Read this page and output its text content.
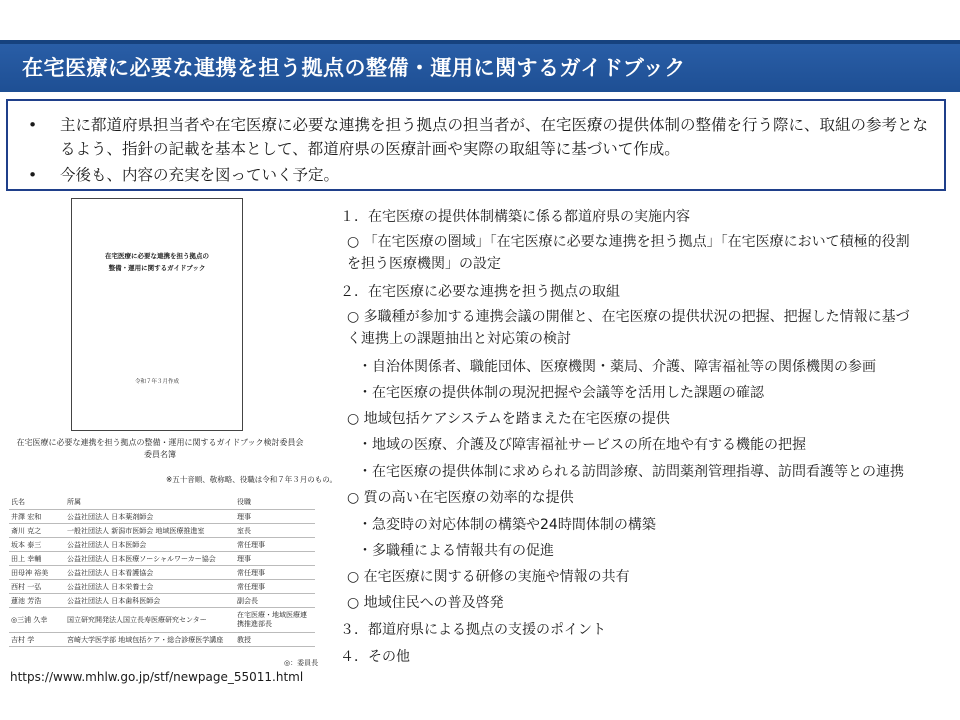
在宅医療に必要な連携を担う拠点の整備・運用に関するガイドブック
• 主に都道府県担当者や在宅医療に必要な連携を担う拠点の担当者が、在宅医療の提供体制の整備を行う際に、取組の参考となるよう、指針の記載を基本として、都道府県の医療計画や実際の取組等に基づいて作成。
• 今後も、内容の充実を図っていく予定。
在宅医療に必要な連携を担う拠点の
整備・運用に関するガイドブック
令和７年３月作成
在宅医療に必要な連携を担う拠点の整備・運用に関するガイドブック検討委員会
委員名簿
※五十音順、敬称略、役職は令和７年３月のもの。
氏名	所属	役職
井澤 宏和	公益社団法人 日本薬剤師会	理事
斎川 克之	一般社団法人 新潟市医師会 地域医療推進室	室長
坂本 泰三	公益社団法人 日本医師会	常任理事
田上 幸輔	公益社団法人 日本医療ソーシャルワーカー協会	理事
田母神 裕美	公益社団法人 日本看護協会	常任理事
西村 一弘	公益社団法人 日本栄養士会	常任理事
蓮池 芳浩	公益社団法人 日本歯科医師会	副会長
◎三浦 久幸	国立研究開発法人国立長寿医療研究センター	在宅医療・地域医療連携推進部長
吉村 学	宮崎大学医学部 地域包括ケア・総合診療医学講座	教授
◎：委員長
https://www.mhlw.go.jp/stf/newpage_55011.html
１．在宅医療の提供体制構築に係る都道府県の実施内容
○ 「在宅医療の圏域」「在宅医療に必要な連携を担う拠点」「在宅医療において積極的役割を担う医療機関」の設定
２．在宅医療に必要な連携を担う拠点の取組
○ 多職種が参加する連携会議の開催と、在宅医療の提供状況の把握、把握した情報に基づく連携上の課題抽出と対応策の検討
・自治体関係者、職能団体、医療機関・薬局、介護、障害福祉等の関係機関の参画
・在宅医療の提供体制の現況把握や会議等を活用した課題の確認
○ 地域包括ケアシステムを踏まえた在宅医療の提供
・地域の医療、介護及び障害福祉サービスの所在地や有する機能の把握
・在宅医療の提供体制に求められる訪問診療、訪問薬剤管理指導、訪問看護等との連携
○ 質の高い在宅医療の効率的な提供
・急変時の対応体制の構築や24時間体制の構築
・多職種による情報共有の促進
○ 在宅医療に関する研修の実施や情報の共有
○ 地域住民への普及啓発
３．都道府県による拠点の支援のポイント
４．その他
